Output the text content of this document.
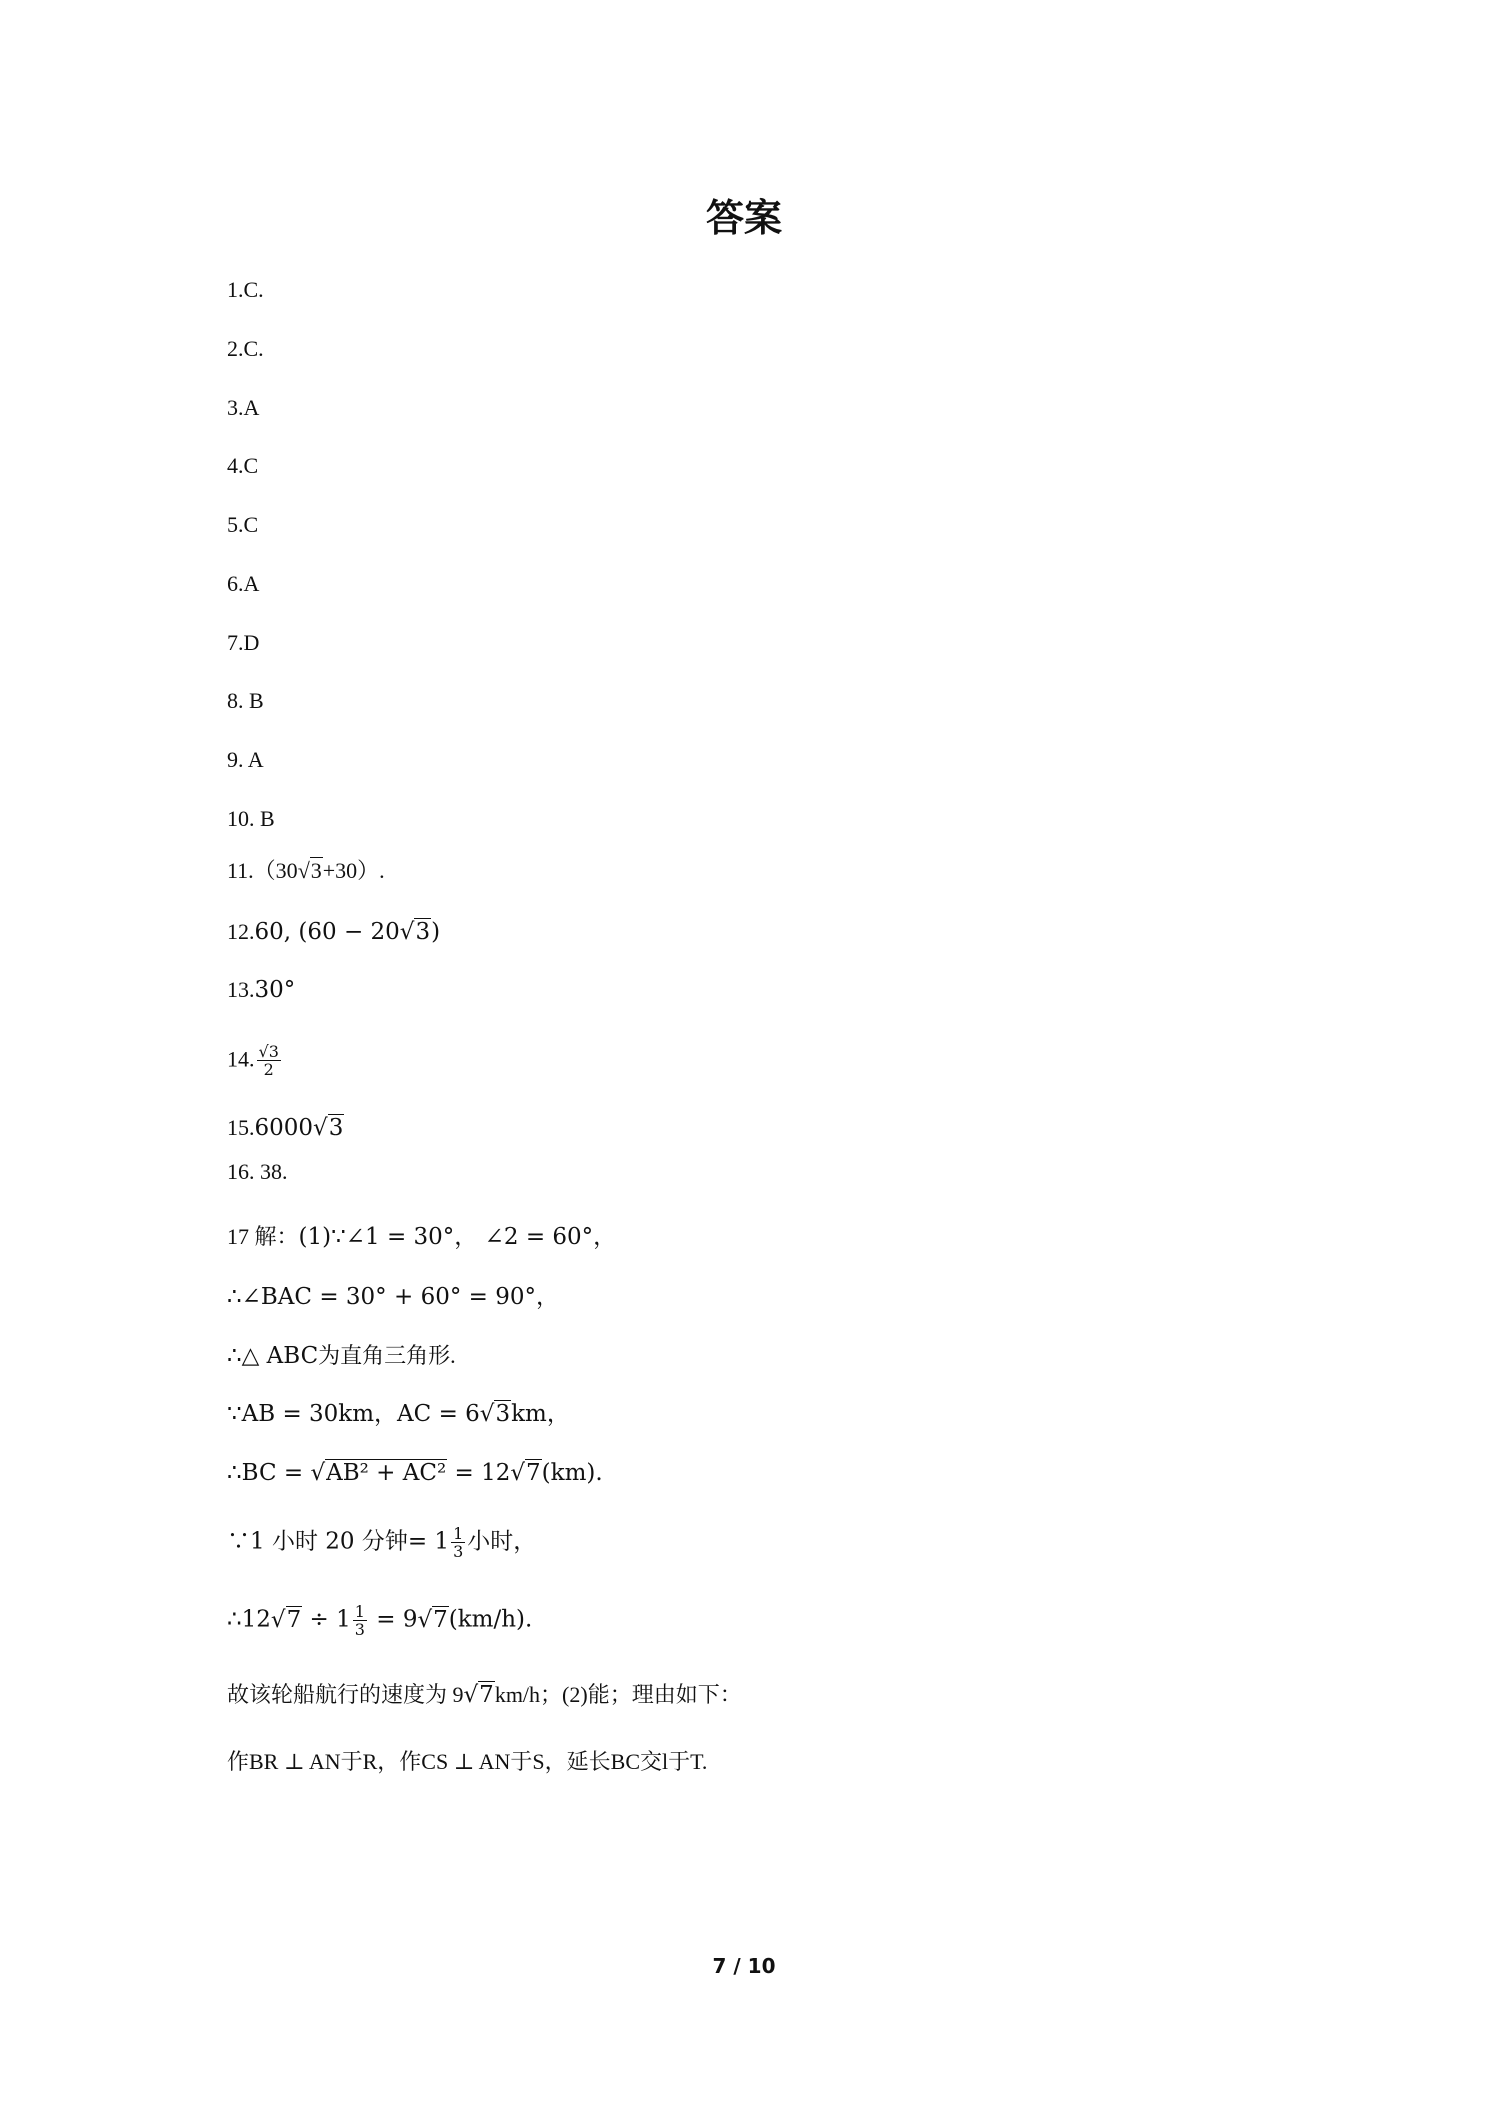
答案
1.C.
2.C.
3.A
4.C
5.C
6.A
7.D
8. B
9. A
10. B
11.（30√3+30）.
12.60, (60 − 20√3)
13.30°
14. $\frac{√3}{2}$
15.6000√3
16. 38.
17 解：(1)∵∠1 = 30°， ∠2 = 60°，
∴∠BAC = 30° + 60° = 90°，
∴△ ABC为直角三角形.
∵AB = 30km，AC = 6√3km，
∴BC = √AB² + AC² = 12√7(km).
∵1 小时 20 分钟= $1 \frac{1}{3}$ 小时，
∴12√7 ÷ $1 \frac{1}{3} = 9√7(km/h)$.
故该轮船航行的速度为 9√7km/h；(2)能；理由如下：
作BR ⊥ AN于R，作CS ⊥ AN于S，延长BC交l于T.
7 / 10
